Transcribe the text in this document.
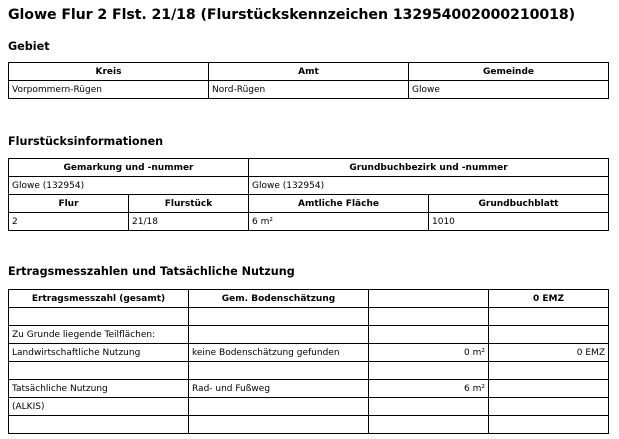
Glowe Flur 2 Flst. 21/18 (Flurstückskennzeichen 132954002000210018)
Gebiet
Kreis	Amt	Gemeinde
Vorpommern-Rügen	Nord-Rügen	Glowe
Flurstücksinformationen
Gemarkung und -nummer		Grundbuchbezirk und -nummer	
Glowe (132954)		Glowe (132954)	
Flur	Flurstück	Amtliche Fläche	Grundbuchblatt
2	21/18	6 m²	1010
Ertragsmesszahlen und Tatsächliche Nutzung
Ertragsmesszahl (gesamt)	Gem. Bodenschätzung		0 EMZ

Zu Grunde liegende Teilflächen:			
Landwirtschaftliche Nutzung	keine Bodenschätzung gefunden	0 m²	0 EMZ

Tatsächliche Nutzung	Rad- und Fußweg	6 m²	
(ALKIS)			
